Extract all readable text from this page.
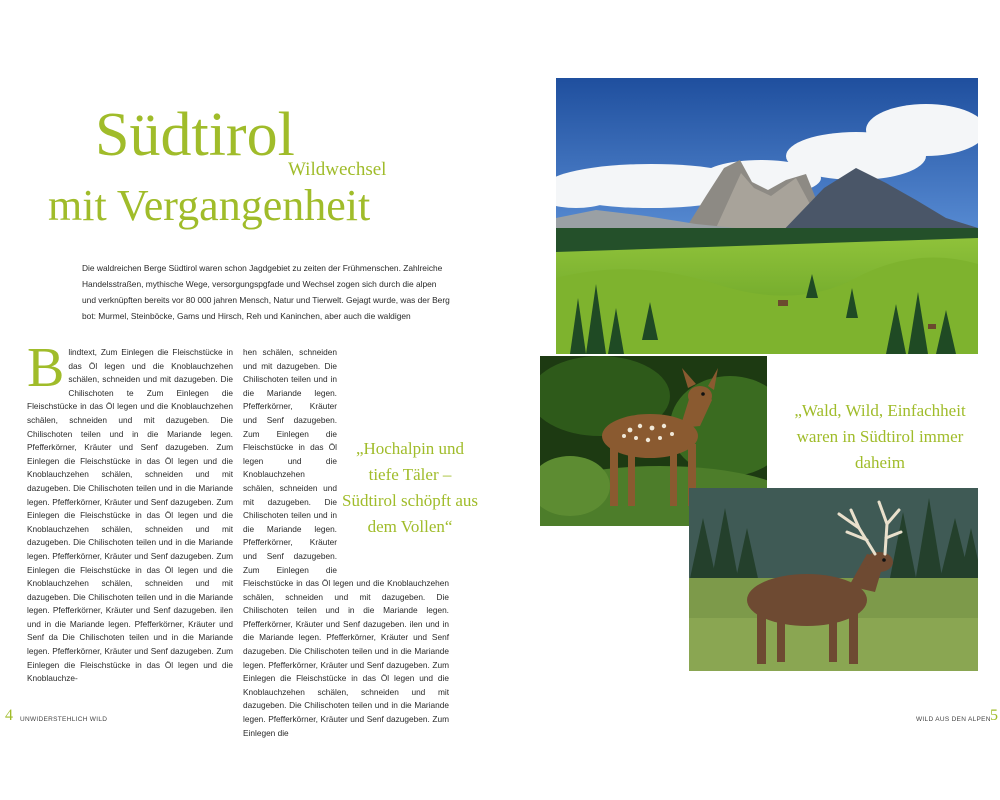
Südtirol
Wildwechsel
mit Vergangenheit

Die waldreichen Berge Südtirol waren schon Jagdgebiet zu zeiten der Frühmenschen. Zahlreiche Handelsstraßen, mythische Wege, versorgungspgfade und Wechsel zogen sich durch die alpen und verknüpften bereits vor 80 000 jahren Mensch, Natur und Tierwelt. Gejagt wurde, was der Berg bot: Murmel, Steinböcke, Gams und Hirsch, Reh und Kaninchen, aber auch die waldigen

Blindtext, Zum Einlegen die Fleischstücke in das Öl legen und die Knoblauchzehen schälen, schneiden und mit dazugeben. Die Chilischoten te Zum Einlegen die Fleischstücke in das Öl legen und die Knoblauchzehen schälen, schneiden und mit dazugeben. Die Chilischoten teilen und in die Mariande legen. Pfefferkörner, Kräuter und Senf dazugeben. Zum Einlegen die Fleischstücke in das Öl legen und die Knoblauchzehen schälen, schneiden und mit dazugeben. Die Chilischoten teilen und in die Mariande legen. Pfefferkörner, Kräuter und Senf dazugeben. Zum Einlegen die Fleischstücke in das Öl legen und die Knoblauchzehen schälen, schneiden und mit dazugeben. Die Chilischoten teilen und in die Mariande legen. Pfefferkörner, Kräuter und Senf dazugeben. Zum Einlegen die Fleischstücke in das Öl legen und die Knoblauchzehen schälen, schneiden und mit dazugeben. Die Chilischoten teilen und in die Mariande legen. Pfefferkörner, Kräuter und Senf dazugeben. ilen und in die Mariande legen. Pfefferkörner, Kräuter und Senf da Die Chilischoten teilen und in die Mariande legen. Pfefferkörner, Kräuter und Senf dazugeben. Zum Einlegen die Fleischstücke in das Öl legen und die Knoblauchze-
hen schälen, schneiden und mit dazugeben. Die Chilischoten teilen und in die Mariande legen. Pfefferkörner, Kräuter und Senf dazugeben. Zum Einlegen die Fleischstücke in das Öl legen und die Knoblauchzehen schälen, schneiden und mit dazugeben. Die Chilischoten teilen und in die Mariande legen. Pfefferkörner, Kräuter und Senf dazugeben. Zum Einlegen die Fleischstücke in das Öl legen und die Knoblauchzehen schälen, schneiden und mit dazugeben. Die Chilischoten teilen und in die Mariande legen. Pfefferkörner, Kräuter und Senf dazugeben. ilen und in die Mariande legen. Pfefferkörner, Kräuter und Senf dazugeben. Die Chilischoten teilen und in die Mariande legen. Pfefferkörner, Kräuter und Senf dazugeben. Zum Einlegen die Fleischstücke in das Öl legen und die Knoblauchzehen schälen, schneiden und mit dazugeben. Die Chilischoten teilen und in die Mariande legen. Pfefferkörner, Kräuter und Senf dazugeben. Zum Einlegen die

„Hochalpin und tiefe Täler – Südtirol schöpft aus dem Vollen“

„Wald, Wild, Einfachheit waren in Südtirol immer daheim

4 UNWIDERSTEHLICH WILD	WILD AUS DEN ALPEN 5
